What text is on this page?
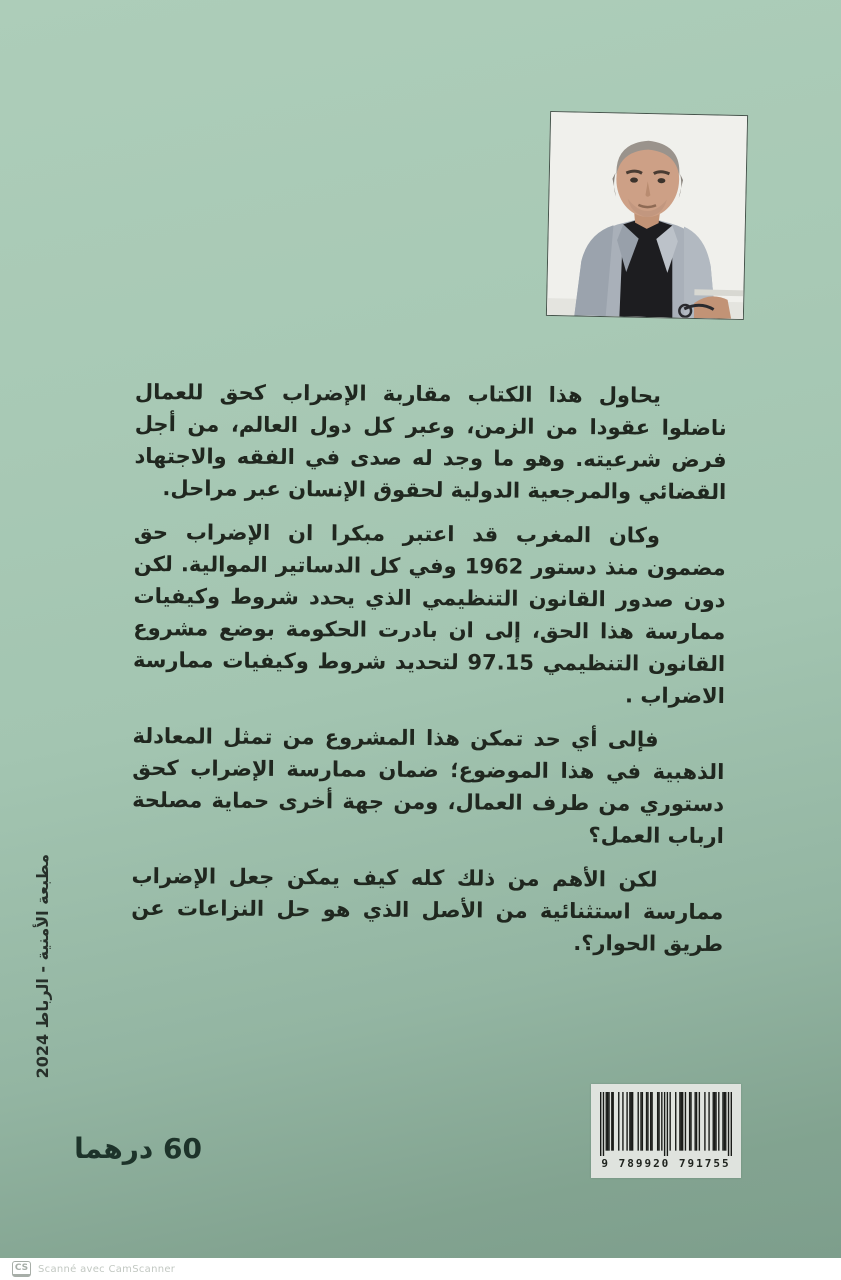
يحاول هذا الكتاب مقاربة الإضراب كحق للعمال ناضلوا عقودا من الزمن، وعبر كل دول العالم، من أجل فرض شرعيته. وهو ما وجد له صدى في الفقه والاجتهاد القضائي والمرجعية الدولية لحقوق الإنسان عبر مراحل.

وكان المغرب قد اعتبر مبكرا ان الإضراب حق مضمون منذ دستور 1962 وفي كل الدساتير الموالية. لكن دون صدور القانون التنظيمي الذي يحدد شروط وكيفيات ممارسة هذا الحق، إلى ان بادرت الحكومة بوضع مشروع القانون التنظيمي 97.15 لتحديد شروط وكيفيات ممارسة الاضراب .

فإلى أي حد تمكن هذا المشروع من تمثل المعادلة الذهبية في هذا الموضوع؛ ضمان ممارسة الإضراب كحق دستوري من طرف العمال، ومن جهة أخرى حماية مصلحة ارباب العمل؟

لكن الأهم من ذلك كله كيف يمكن جعل الإضراب ممارسة استثنائية من الأصل الذي هو حل النزاعات عن طريق الحوار؟.

مطبعة الأمنية - الرباط 2024
60 درهما	9 789920 791755
CS Scanné avec CamScanner
